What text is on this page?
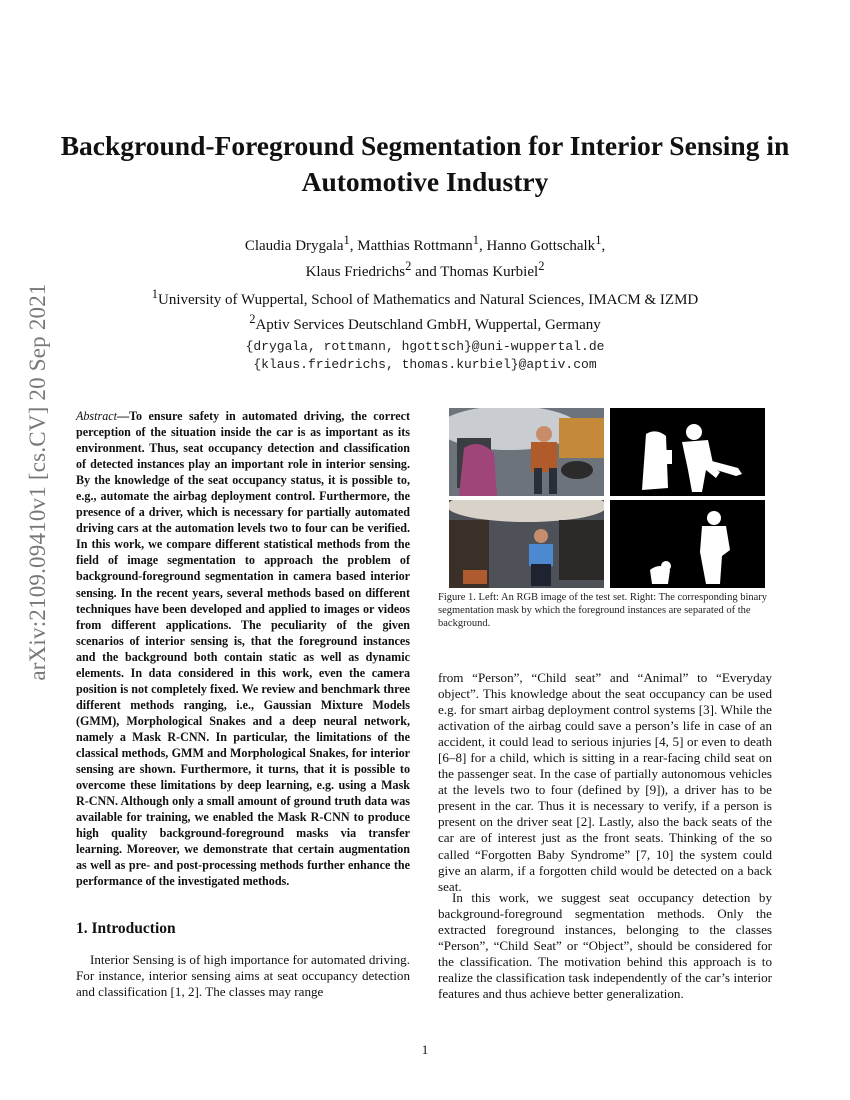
arXiv:2109.09410v1 [cs.CV] 20 Sep 2021
Background-Foreground Segmentation for Interior Sensing in Automotive Industry
Claudia Drygala$^1$, Matthias Rottmann$^1$, Hanno Gottschalk$^1$,
Klaus Friedrichs$^2$ and Thomas Kurbiel$^2$
$^1$University of Wuppertal, School of Mathematics and Natural Sciences, IMACM & IZMD
$^2$Aptiv Services Deutschland GmbH, Wuppertal, Germany
{drygala, rottmann, hgottsch}@uni-wuppertal.de
{klaus.friedrichs, thomas.kurbiel}@aptiv.com
Abstract—To ensure safety in automated driving, the correct perception of the situation inside the car is as important as its environment. Thus, seat occupancy detection and classification of detected instances play an important role in interior sensing. By the knowledge of the seat occupancy status, it is possible to, e.g., automate the airbag deployment control. Furthermore, the presence of a driver, which is necessary for partially automated driving cars at the automation levels two to four can be verified. In this work, we compare different statistical methods from the field of image segmentation to approach the problem of background-foreground segmentation in camera based interior sensing. In the recent years, several methods based on different techniques have been developed and applied to images or videos from different applications. The peculiarity of the given scenarios of interior sensing is, that the foreground instances and the background both contain static as well as dynamic elements. In data considered in this work, even the camera position is not completely fixed. We review and benchmark three different methods ranging, i.e., Gaussian Mixture Models (GMM), Morphological Snakes and a deep neural network, namely a Mask R-CNN. In particular, the limitations of the classical methods, GMM and Morphological Snakes, for interior sensing are shown. Furthermore, it turns, that it is possible to overcome these limitations by deep learning, e.g. using a Mask R-CNN. Although only a small amount of ground truth data was available for training, we enabled the Mask R-CNN to produce high quality background-foreground masks via transfer learning. Moreover, we demonstrate that certain augmentation as well as pre- and post-processing methods further enhance the performance of the investigated methods.
1. Introduction
Interior Sensing is of high importance for automated driving. For instance, interior sensing aims at seat occupancy detection and classification [1, 2]. The classes may range
Figure 1. Left: An RGB image of the test set. Right: The corresponding binary segmentation mask by which the foreground instances are separated of the background.
from “Person”, “Child seat” and “Animal” to “Everyday object”. This knowledge about the seat occupancy can be used e.g. for smart airbag deployment control systems [3]. While the activation of the airbag could save a person’s life in case of an accident, it could lead to serious injuries [4, 5] or even to death [6–8] for a child, which is sitting in a rear-facing child seat on the passenger seat. In the case of partially autonomous vehicles at the levels two to four (defined by [9]), a driver has to be present in the car. Thus it is necessary to verify, if a person is present on the driver seat [2]. Lastly, also the back seats of the car are of interest just as the front seats. Thinking of the so called “Forgotten Baby Syndrome” [7, 10] the system could give an alarm, if a forgotten child would be detected on a back seat.
In this work, we suggest seat occupancy detection by background-foreground segmentation methods. Only the extracted foreground instances, belonging to the classes “Person”, “Child Seat” or “Object”, should be considered for the classification. The motivation behind this approach is to realize the classification task independently of the car’s interior features and thus achieve better generalization.
1
